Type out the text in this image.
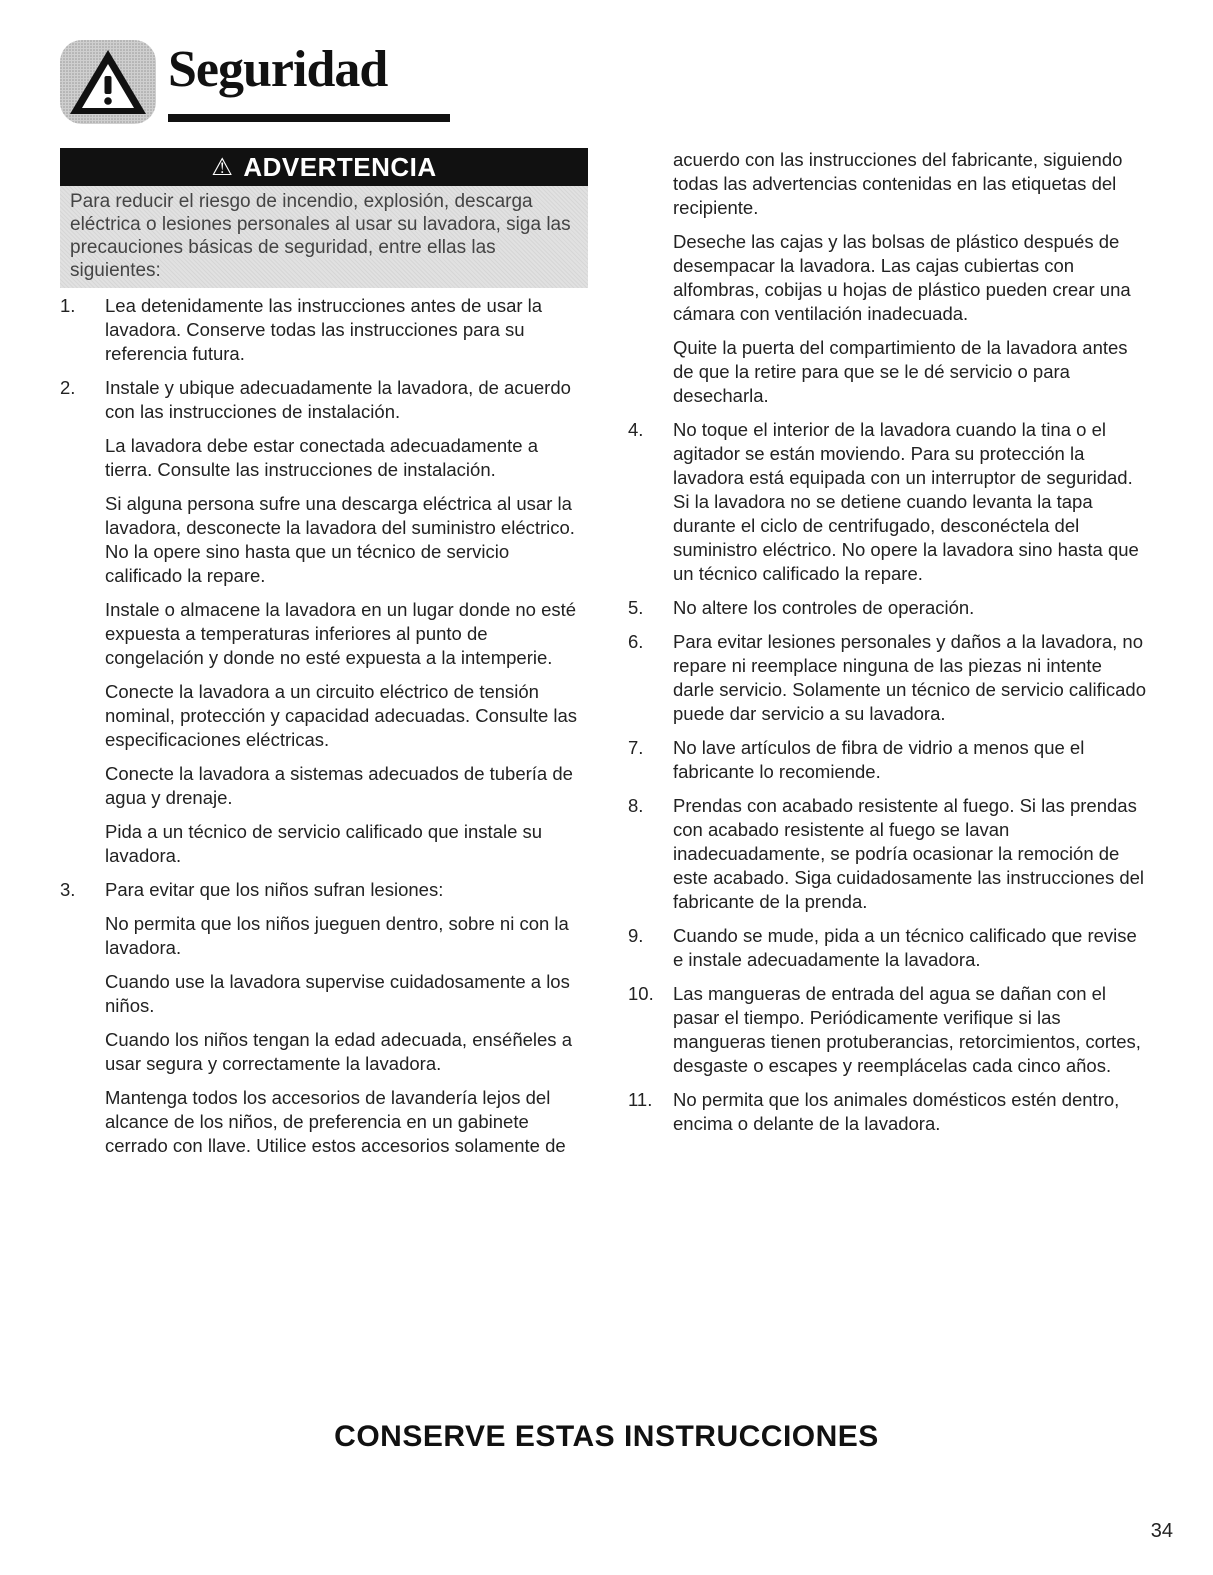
Seguridad
⚠ ADVERTENCIA
Para reducir el riesgo de incendio, explosión, descarga eléctrica o lesiones personales al usar su lavadora, siga las precauciones básicas de seguridad, entre ellas las siguientes:
1. Lea detenidamente las instrucciones antes de usar la lavadora. Conserve todas las instrucciones para su referencia futura.

2. Instale y ubique adecuadamente la lavadora, de acuerdo con las instrucciones de instalación.

La lavadora debe estar conectada adecuadamente a tierra. Consulte las instrucciones de instalación.

Si alguna persona sufre una descarga eléctrica al usar la lavadora, desconecte la lavadora del suministro eléctrico. No la opere sino hasta que un técnico de servicio calificado la repare.

Instale o almacene la lavadora en un lugar donde no esté expuesta a temperaturas inferiores al punto de congelación y donde no esté expuesta a la intemperie.

Conecte la lavadora a un circuito eléctrico de tensión nominal, protección y capacidad adecuadas. Consulte las especificaciones eléctricas.

Conecte la lavadora a sistemas adecuados de tubería de agua y drenaje.

Pida a un técnico de servicio calificado que instale su lavadora.

3. Para evitar que los niños sufran lesiones:

No permita que los niños jueguen dentro, sobre ni con la lavadora.

Cuando use la lavadora supervise cuidadosamente a los niños.

Cuando los niños tengan la edad adecuada, enséñeles a usar segura y correctamente la lavadora.

Mantenga todos los accesorios de lavandería lejos del alcance de los niños, de preferencia en un gabinete cerrado con llave. Utilice estos accesorios solamente de

acuerdo con las instrucciones del fabricante, siguiendo todas las advertencias contenidas en las etiquetas del recipiente.

Deseche las cajas y las bolsas de plástico después de desempacar la lavadora. Las cajas cubiertas con alfombras, cobijas u hojas de plástico pueden crear una cámara con ventilación inadecuada.

Quite la puerta del compartimiento de la lavadora antes de que la retire para que se le dé servicio o para desecharla.

4. No toque el interior de la lavadora cuando la tina o el agitador se están moviendo. Para su protección la lavadora está equipada con un interruptor de seguridad. Si la lavadora no se detiene cuando levanta la tapa durante el ciclo de centrifugado, desconéctela del suministro eléctrico. No opere la lavadora sino hasta que un técnico calificado la repare.

5. No altere los controles de operación.

6. Para evitar lesiones personales y daños a la lavadora, no repare ni reemplace ninguna de las piezas ni intente darle servicio. Solamente un técnico de servicio calificado puede dar servicio a su lavadora.

7. No lave artículos de fibra de vidrio a menos que el fabricante lo recomiende.

8. Prendas con acabado resistente al fuego. Si las prendas con acabado resistente al fuego se lavan inadecuadamente, se podría ocasionar la remoción de este acabado. Siga cuidadosamente las instrucciones del fabricante de la prenda.

9. Cuando se mude, pida a un técnico calificado que revise e instale adecuadamente la lavadora.

10. Las mangueras de entrada del agua se dañan con el pasar el tiempo. Periódicamente verifique si las mangueras tienen protuberancias, retorcimientos, cortes, desgaste o escapes y reemplácelas cada cinco años.

11. No permita que los animales domésticos estén dentro, encima o delante de la lavadora.

CONSERVE ESTAS INSTRUCCIONES
34
